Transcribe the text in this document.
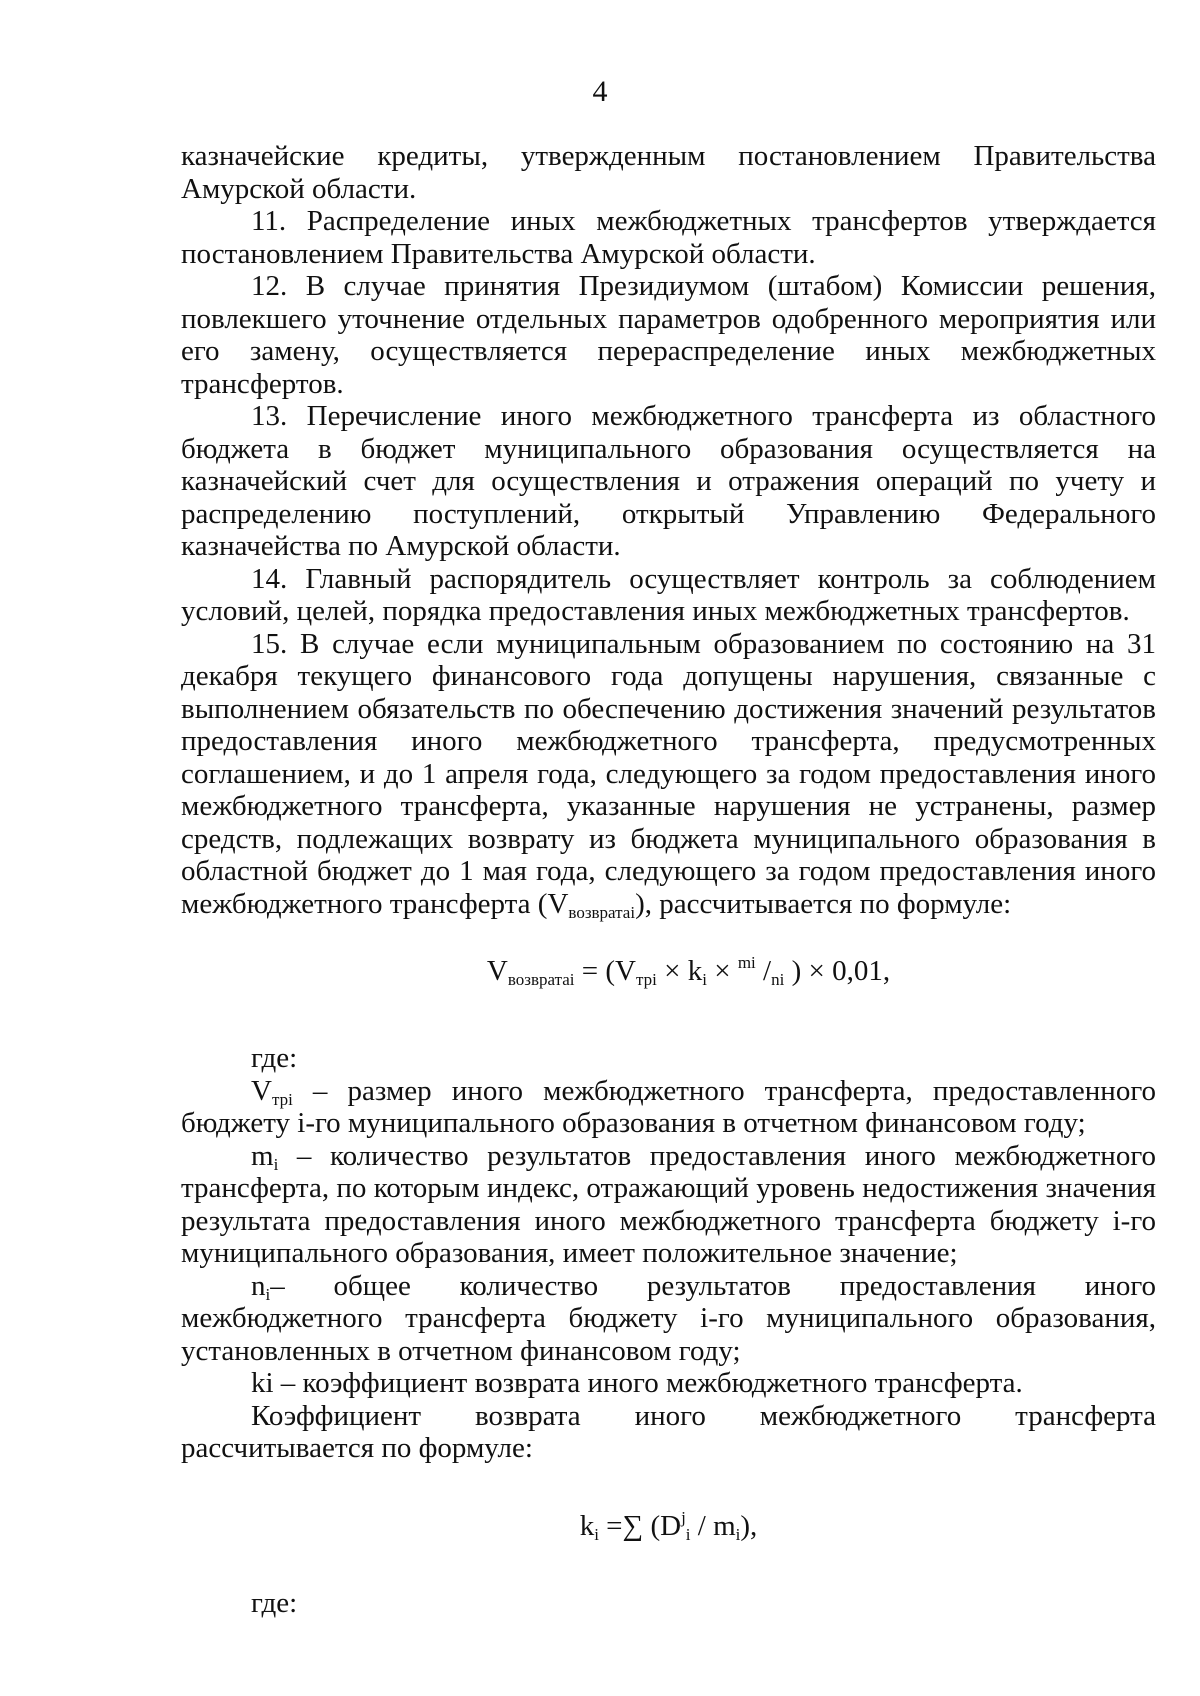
4

казначейские кредиты, утвержденным постановлением Правительства Амурской области.

11. Распределение иных межбюджетных трансфертов утверждается постановлением Правительства Амурской области.

12. В случае принятия Президиумом (штабом) Комиссии решения, повлекшего уточнение отдельных параметров одобренного мероприятия или его замену, осуществляется перераспределение иных межбюджетных трансфертов.

13. Перечисление иного межбюджетного трансферта из областного бюджета в бюджет муниципального образования осуществляется на казначейский счет для осуществления и отражения операций по учету и распределению поступлений, открытый Управлению Федерального казначейства по Амурской области.

14. Главный распорядитель осуществляет контроль за соблюдением условий, целей, порядка предоставления иных межбюджетных трансфертов.

15. В случае если муниципальным образованием по состоянию на 31 декабря текущего финансового года допущены нарушения, связанные с выполнением обязательств по обеспечению достижения значений результатов предоставления иного межбюджетного трансферта, предусмотренных соглашением, и до 1 апреля года, следующего за годом предоставления иного межбюджетного трансферта, указанные нарушения не устранены, размер средств, подлежащих возврату из бюджета муниципального образования в областной бюджет до 1 мая года, следующего за годом предоставления иного межбюджетного трансферта $(V_{возвратаi})$, рассчитывается по формуле:

$V_{возвратаi} = (V_{трi} \times k_i \times ^{mi}$ $/_{ni}$ ) × 0,01,

где:

$V_{трi}$ – размер иного межбюджетного трансферта, предоставленного бюджету i-го муниципального образования в отчетном финансовом году;

$m_i$ – количество результатов предоставления иного межбюджетного трансферта, по которым индекс, отражающий уровень недостижения значения результата предоставления иного межбюджетного трансферта бюджету i-го муниципального образования, имеет положительное значение;

$n_i-$ общее количество результатов предоставления иного межбюджетного трансферта бюджету i-го муниципального образования, установленных в отчетном финансовом году;

ki – коэффициент возврата иного межбюджетного трансферта.

Коэффициент возврата иного межбюджетного трансферта рассчитывается по формуле:

$k_i$ =∑ $(D^j_i / m_i)$,

где:
